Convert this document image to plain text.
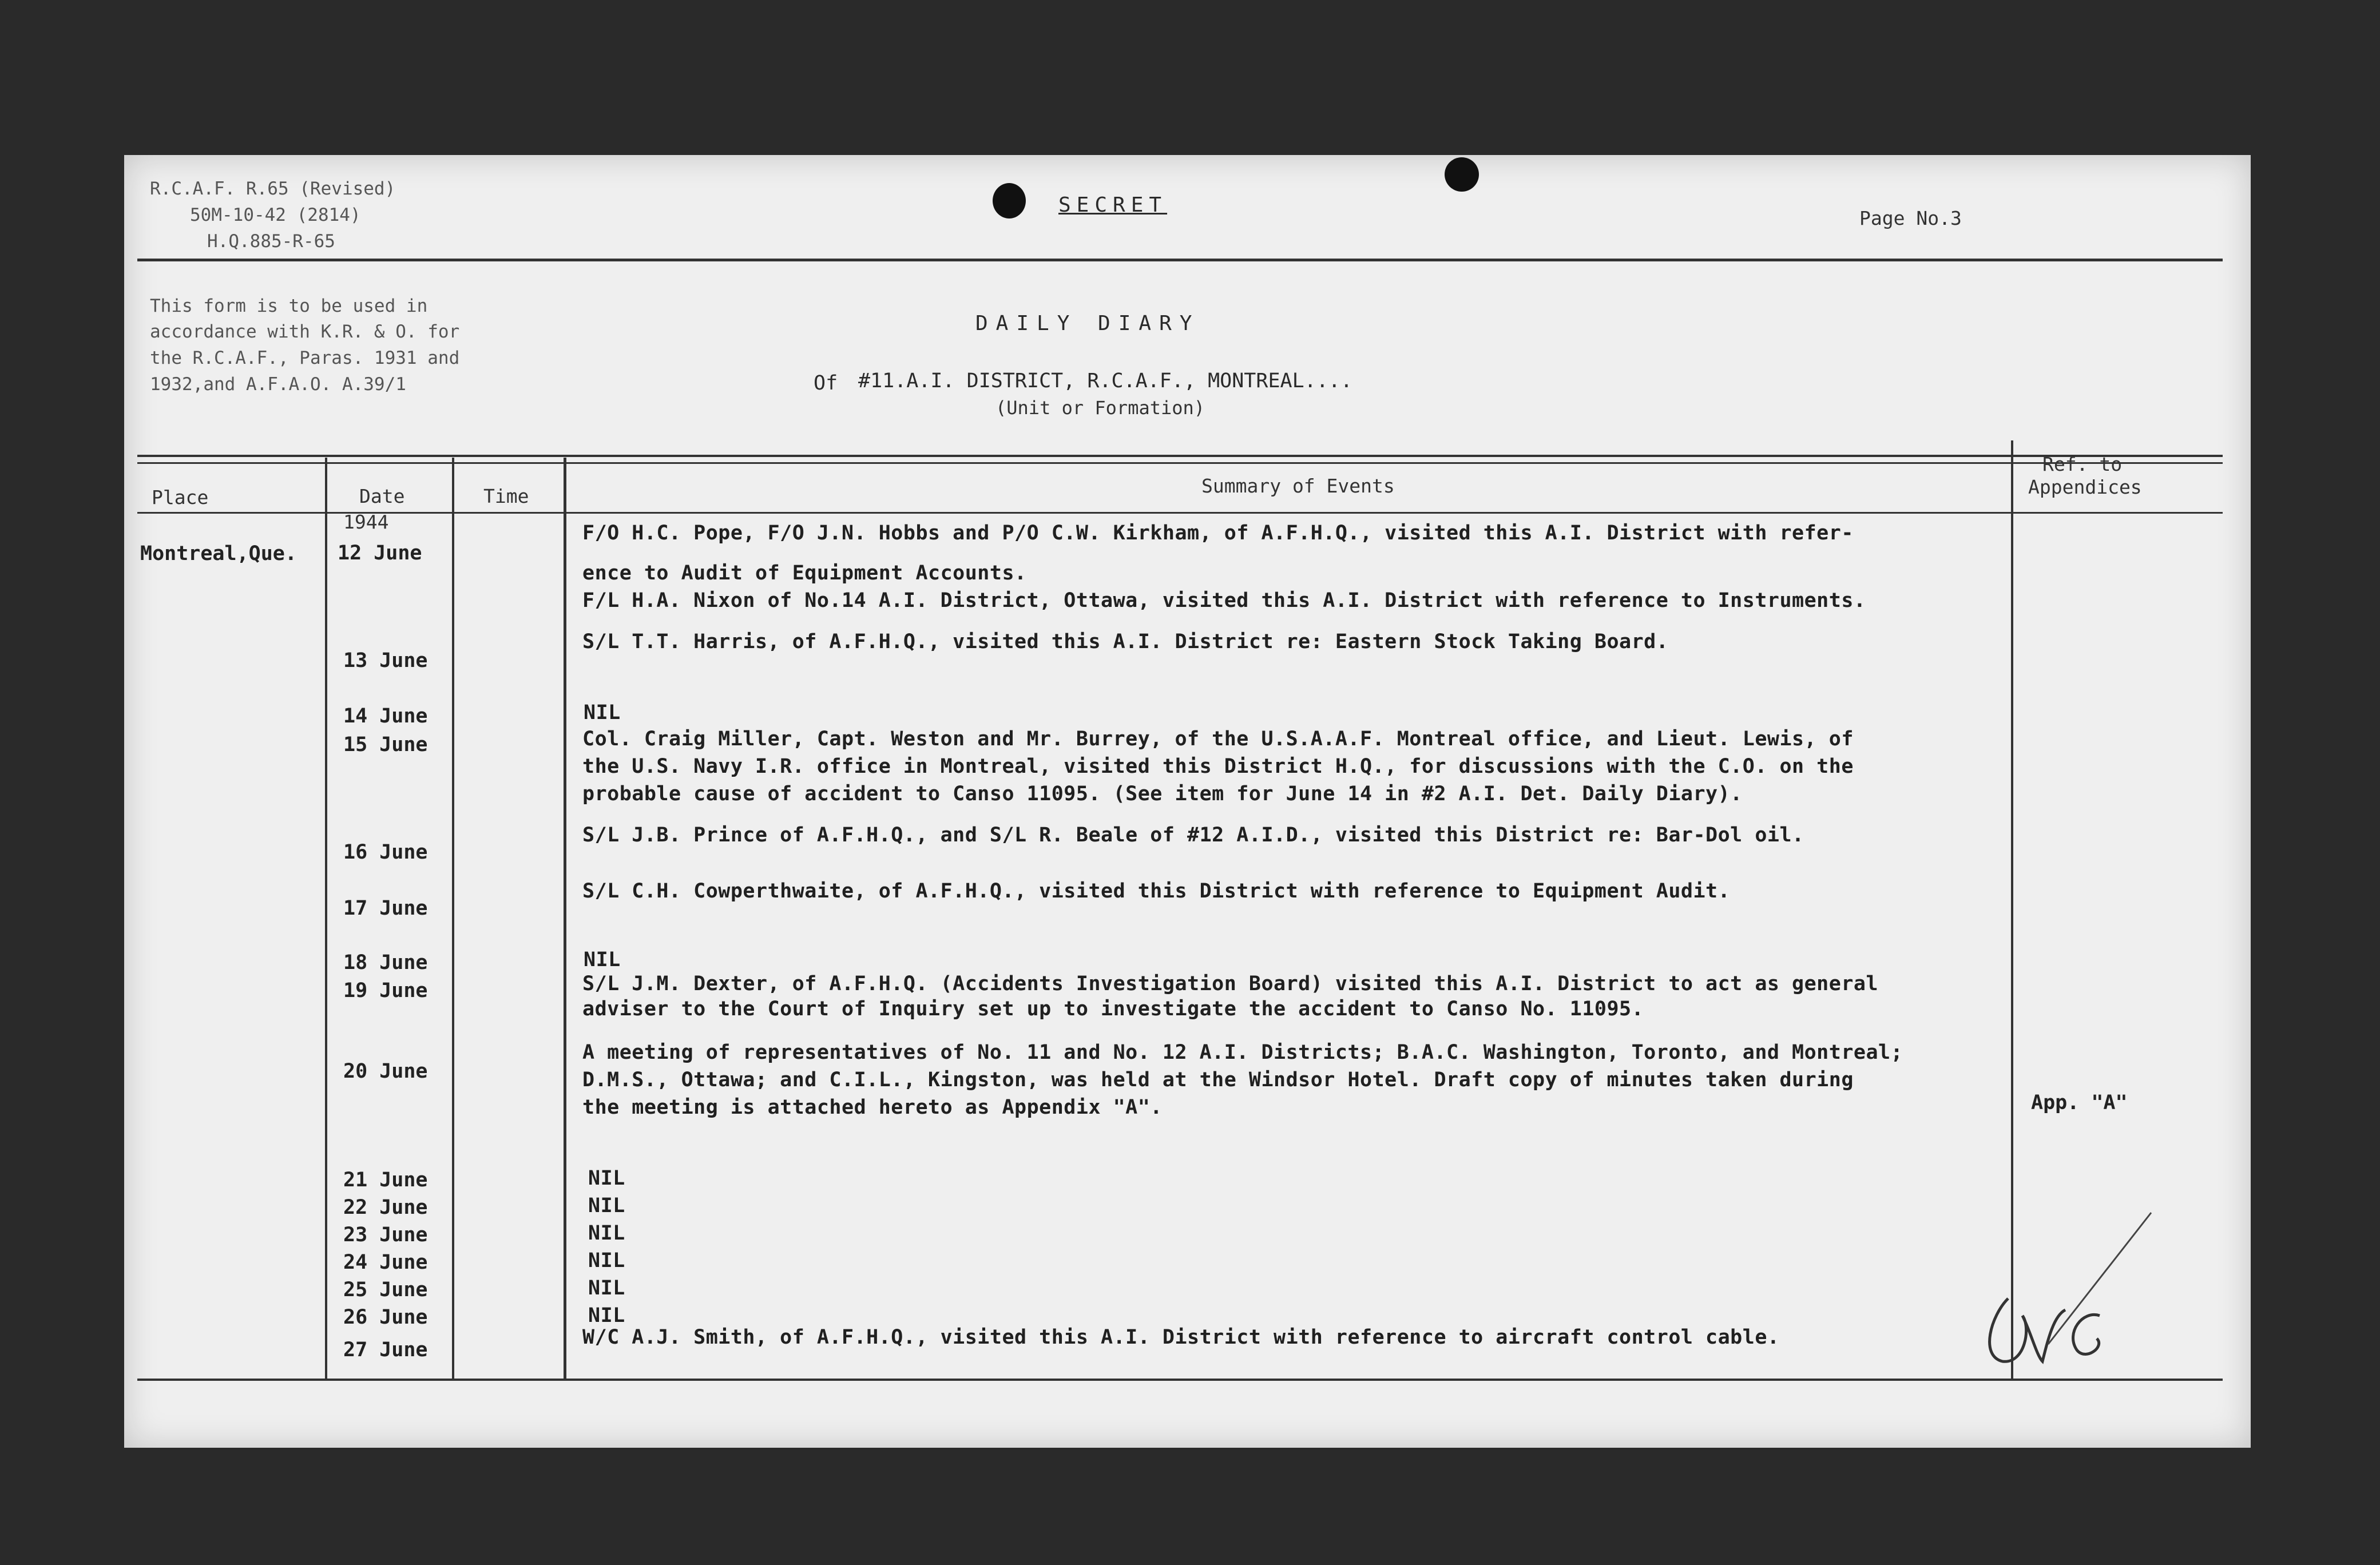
R.C.A.F. R.65 (Revised)
50M-10-42 (2814)
H.Q.885-R-65
SECRET
Page No.3
This form is to be used in
accordance with K.R. & O. for
the R.C.A.F., Paras. 1931 and
1932,and A.F.A.O. A.39/1
DAILY DIARY
Of #11.A.I. DISTRICT, R.C.A.F., MONTREAL....
(Unit or Formation)
Place	Date
1944
Time	Summary of Events
Ref. to
Appendices
Montreal,Que. 12 June
13 June
14 June
15 June
16 June
17 June
18 June
19 June
20 June
21 June
22 June
23 June
24 June
25 June
26 June
27 June
F/O H.C. Pope, F/O J.N. Hobbs and P/O C.W. Kirkham, of A.F.H.Q., visited this A.I. District with refer-
ence to Audit of Equipment Accounts.
F/L H.A. Nixon of No.14 A.I. District, Ottawa, visited this A.I. District with reference to Instruments.
S/L T.T. Harris, of A.F.H.Q., visited this A.I. District re: Eastern Stock Taking Board.
NIL
Col. Craig Miller, Capt. Weston and Mr. Burrey, of the U.S.A.A.F. Montreal office, and Lieut. Lewis, of
the U.S. Navy I.R. office in Montreal, visited this District H.Q., for discussions with the C.O. on the
probable cause of accident to Canso 11095. (See item for June 14 in #2 A.I. Det. Daily Diary).
S/L J.B. Prince of A.F.H.Q., and S/L R. Beale of #12 A.I.D., visited this District re: Bar-Dol oil.
S/L C.H. Cowperthwaite, of A.F.H.Q., visited this District with reference to Equipment Audit.
NIL
S/L J.M. Dexter, of A.F.H.Q. (Accidents Investigation Board) visited this A.I. District to act as general
adviser to the Court of Inquiry set up to investigate the accident to Canso No. 11095.
A meeting of representatives of No. 11 and No. 12 A.I. Districts; B.A.C. Washington, Toronto, and Montreal;
D.M.S., Ottawa; and C.I.L., Kingston, was held at the Windsor Hotel. Draft copy of minutes taken during
the meeting is attached hereto as Appendix "A".
NIL
NIL
NIL
NIL
NIL
NIL
W/C A.J. Smith, of A.F.H.Q., visited this A.I. District with reference to aircraft control cable.
App. "A"
